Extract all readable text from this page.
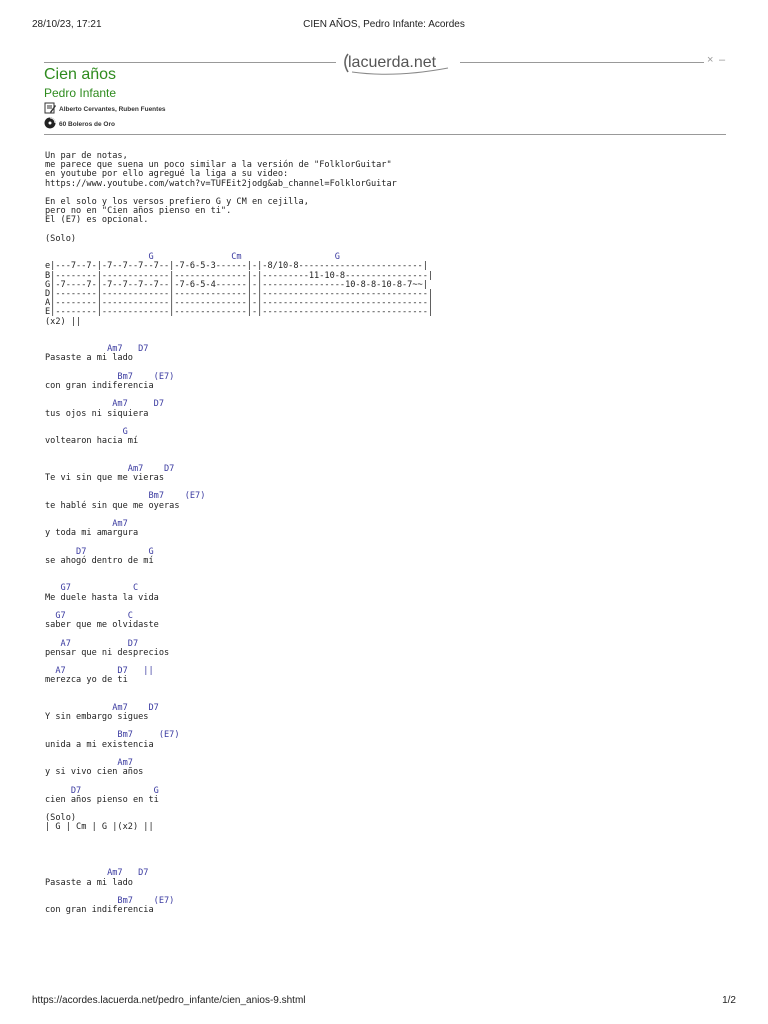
28/10/23, 17:21	CIEN AÑOS, Pedro Infante: Acordes
lacuerda.net	× –
Cien años
Pedro Infante
Alberto Cervantes, Ruben Fuentes
60 Boleros de Oro
Un par de notas,
me parece que suena un poco similar a la versión de "FolklorGuitar"
en youtube por ello agregué la liga a su video:
https://www.youtube.com/watch?v=TUFEit2jodg&ab_channel=FolklorGuitar
En el solo y los versos prefiero G y CM en cejilla,
pero no en "Cien años pienso en ti".
El (E7) es opcional.
(Solo)
G               Cm                  G
e|---7--7-|-7--7--7--7--|-7-6-5-3------|-|-8/10-8------------------------|
B|--------|-------------|--------------|-|---------11-10-8----------------|
G|-7----7-|-7--7--7--7--|-7-6-5-4------|-|----------------10-8-8-10-8-7~~|
D|--------|-------------|--------------|-|--------------------------------|
A|--------|-------------|--------------|-|--------------------------------|
E|--------|-------------|--------------|-|--------------------------------|
(x2) ||
Am7   D7
Pasaste a mi lado
Bm7    (E7)
con gran indiferencia
Am7     D7
tus ojos ni siquiera
G
voltearon hacia mí
Am7    D7
Te vi sin que me vieras
Bm7    (E7)
te hablé sin que me oyeras
Am7
y toda mi amargura
D7            G
se ahogó dentro de mí
G7            C
Me duele hasta la vida
G7            C
saber que me olvidaste
A7           D7
pensar que ni desprecios
A7          D7   ||
merezca yo de ti
Am7    D7
Y sin embargo sigues
Bm7     (E7)
unida a mi existencia
Am7
y si vivo cien años
D7              G
cien años pienso en ti
(Solo)
| G | Cm | G |(x2) ||
Am7   D7
Pasaste a mi lado
Bm7    (E7)
con gran indiferencia
https://acordes.lacuerda.net/pedro_infante/cien_anios-9.shtml	1/2
